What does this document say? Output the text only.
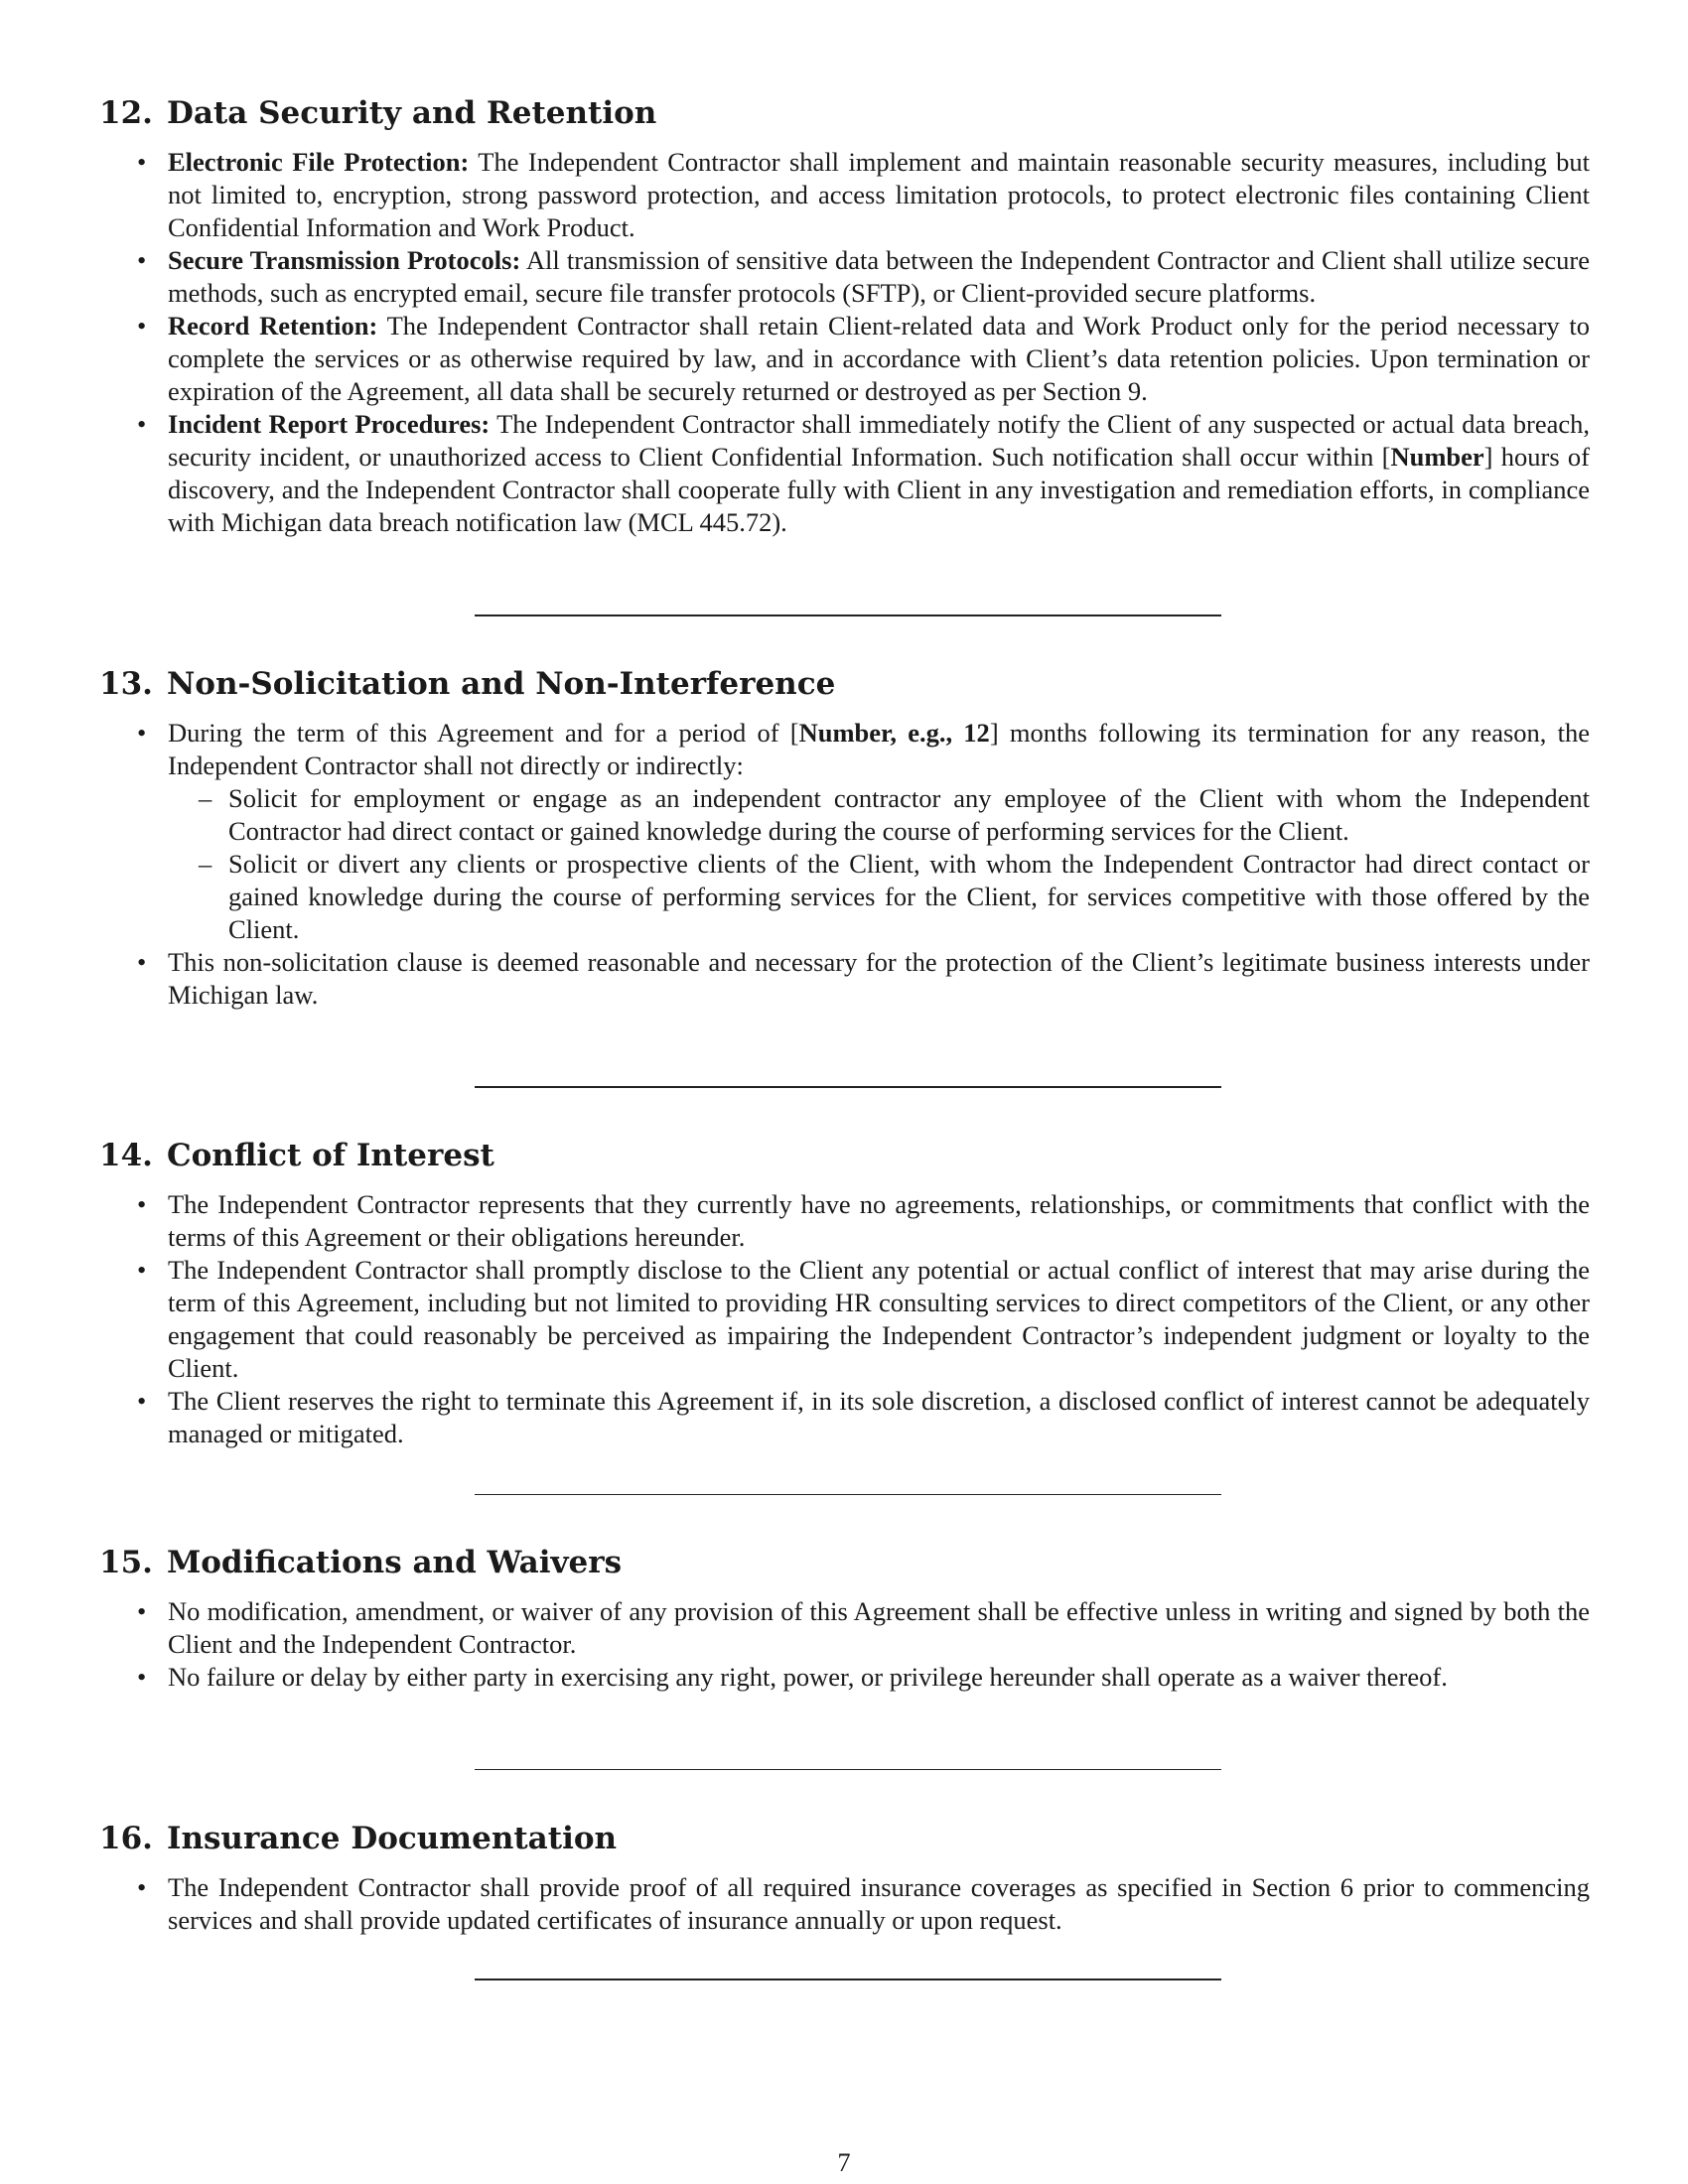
12. Data Security and Retention
• Electronic File Protection: The Independent Contractor shall implement and maintain reasonable security measures, including but not limited to, encryption, strong password protection, and access limitation protocols, to protect electronic files containing Client Confidential Information and Work Product.
• Secure Transmission Protocols: All transmission of sensitive data between the Independent Contractor and Client shall utilize secure methods, such as encrypted email, secure file transfer protocols (SFTP), or Client-provided secure platforms.
• Record Retention: The Independent Contractor shall retain Client-related data and Work Product only for the period necessary to complete the services or as otherwise required by law, and in accordance with Client’s data retention policies. Upon termination or expiration of the Agreement, all data shall be securely returned or destroyed as per Section 9.
• Incident Report Procedures: The Independent Contractor shall immediately notify the Client of any suspected or actual data breach, security incident, or unauthorized access to Client Confidential Information. Such notification shall occur within [Number] hours of discovery, and the Independent Contractor shall cooperate fully with Client in any investigation and remediation efforts, in compliance with Michigan data breach notification law (MCL 445.72).
13. Non-Solicitation and Non-Interference
• During the term of this Agreement and for a period of [Number, e.g., 12] months following its termination for any reason, the Independent Contractor shall not directly or indirectly:
– Solicit for employment or engage as an independent contractor any employee of the Client with whom the Independent Contractor had direct contact or gained knowledge during the course of performing services for the Client.
– Solicit or divert any clients or prospective clients of the Client, with whom the Independent Contractor had direct contact or gained knowledge during the course of performing services for the Client, for services competitive with those offered by the Client.
• This non-solicitation clause is deemed reasonable and necessary for the protection of the Client’s legitimate business interests under Michigan law.
14. Conflict of Interest
• The Independent Contractor represents that they currently have no agreements, relationships, or commitments that conflict with the terms of this Agreement or their obligations hereunder.
• The Independent Contractor shall promptly disclose to the Client any potential or actual conflict of interest that may arise during the term of this Agreement, including but not limited to providing HR consulting services to direct competitors of the Client, or any other engagement that could reasonably be perceived as impairing the Independent Contractor’s independent judgment or loyalty to the Client.
• The Client reserves the right to terminate this Agreement if, in its sole discretion, a disclosed conflict of interest cannot be adequately managed or mitigated.
15. Modifications and Waivers
• No modification, amendment, or waiver of any provision of this Agreement shall be effective unless in writing and signed by both the Client and the Independent Contractor.
• No failure or delay by either party in exercising any right, power, or privilege hereunder shall operate as a waiver thereof.
16. Insurance Documentation
• The Independent Contractor shall provide proof of all required insurance coverages as specified in Section 6 prior to commencing services and shall provide updated certificates of insurance annually or upon request.
7
